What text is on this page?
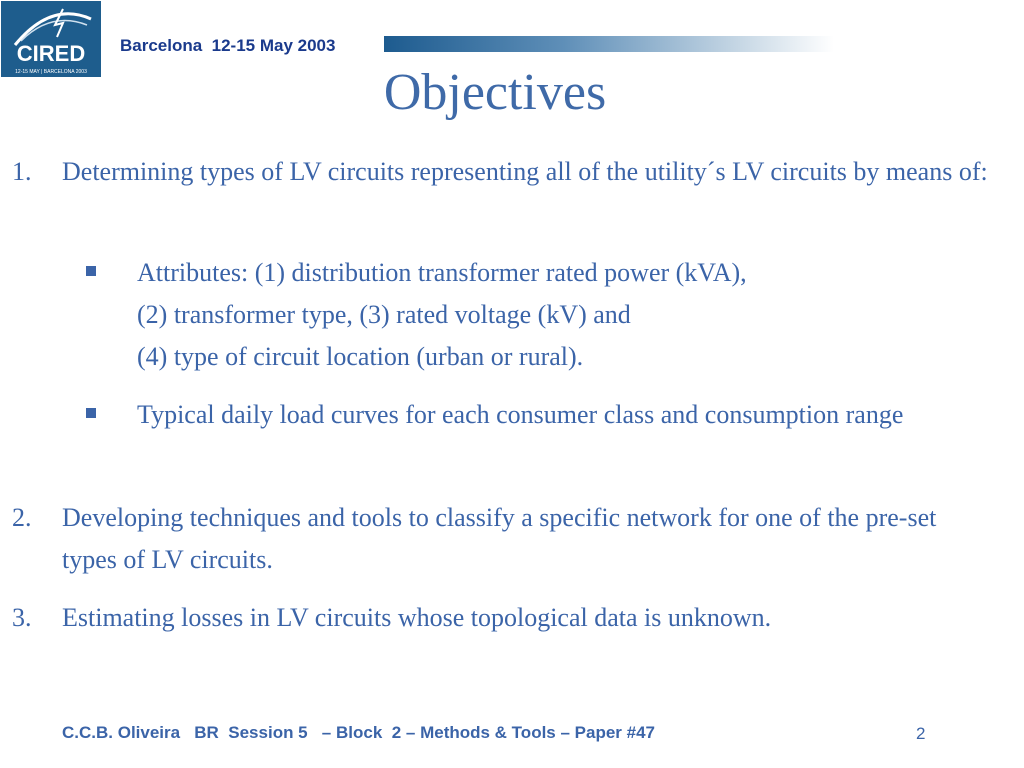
CIRED
12-15 MAY | BARCELONA 2003
Barcelona  12-15 May 2003
Objectives
1. Determining types of LV circuits representing all of the utility´s LV circuits by means of:
Attributes: (1) distribution transformer rated power (kVA),
(2) transformer type, (3) rated voltage (kV) and
(4) type of circuit location (urban or rural).
Typical daily load curves for each consumer class and consumption range
2. Developing techniques and tools to classify a specific network for one of the pre-set types of LV circuits.
3. Estimating losses in LV circuits whose topological data is unknown.
C.C.B. Oliveira   BR  Session 5   – Block  2 – Methods & Tools – Paper #47	2
